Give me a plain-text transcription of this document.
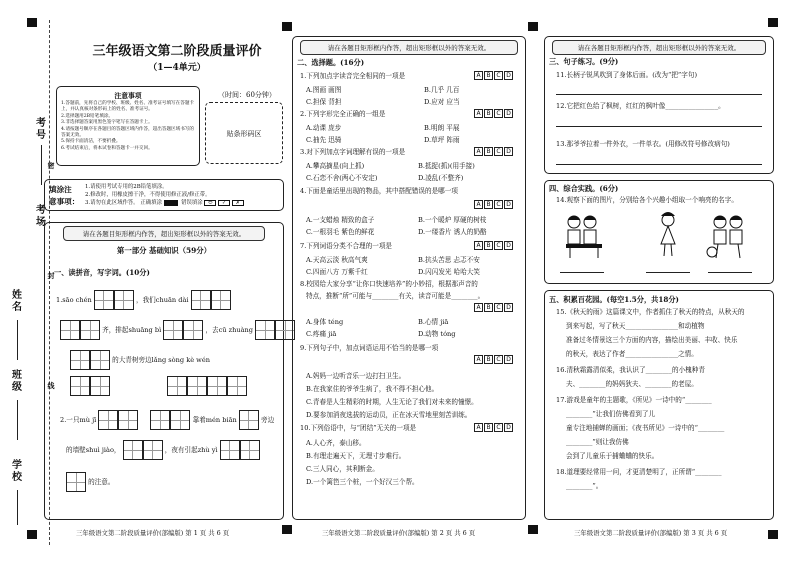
考号
考场
姓名
班级
学校
密
封
线
三年级语文第二阶段质量评价
（1—4单元）
注意事项
1.答题前，先将自己的学校、班级、姓名、准考证号填写在答题卡上，并认真核对条形码上的姓名、准考证号。
2.选择题用2B铅笔填涂。
3.非选择题答案用黑色签字笔写在答题卡上。
4.请按题号顺序在各题目的答题区域内作答，超出答题区域书写的答案无效。
5.保持卡面清洁，不要折叠。
6.考试结束后，将本试卷和答题卡一并交回。
（时间：60分钟）
贴条形码区
填涂注
意事项：
1.请使用考试专用的2B铅笔填涂。
2.修改时，用橡皮擦干净，不得使用修正液/修正带。
3.请勿在此区域作答。 正确填涂	错误填涂 ⬭ ✓ ✗
请在各题目矩形框内作答，超出矩形框以外的答案无效。
第一部分 基础知识（59分）
一、读拼音，写字词。(10分)
1.sāo chén	，我们chuān dài
齐，排起shuāng bì	，去cū zhuàng
的大青树旁边lǎng sòng kè wén

2.一只mù jī	靠着mén biān	旁边
的墙壁shuì jiào，	，夜有引起zhù yì
的注意。
三年级语文第二阶段质量评价(部编版) 第 1 页 共 6 页
请在各题目矩形框内作答，超出矩形框以外的答案无效。
二、选择题。(16分)
1.下列加点字读音完全相同的一项是	A B C D
A.图画 画图	B.几乎 几百
C.担保 背担	D.应对 应当
2.下列字形完全正确的一组是	A B C D
A.动课 庞步	B.明朗 平展
C.抽先 迅骑	D.草坪 阵雨
3.对下列加点字词理解有误的一项是	A B C D
A.攀高摘星(向上抓)	B.抵捉(抓)(用手接)
C.石恋不舍(两心不安定)	D.凌乱(不整齐)
4.下面是童话里出现的物品，其中搭配错误的是哪一项
A B C D
A.一支蜡烛 精致的盒子	B.一个暖炉 厚硬的树枝
C.一根羽毛 紫色的鲜花	D.一缕香片 诱人的奶酪
7.下列词语分类不合理的一项是	A B C D
A.天高云淡 秋高气爽	B.抗头苦思 忐忑不安
C.四面八方 万紫千红	D.闪闪发光 哈哈大笑
8.校园给大家分享“让你口快速培养”的小妙招，根据那声音的
特点，推断“所”可能与________有关，读音可能是________。
A B C D
A.身体 téng	B.心情 jiā
C.疼痛 jiā	D.动物 tóng
9.下列句子中，加点词语运用不恰当的是哪一项
A B C D
A.妈妈一边听音乐一边打扫卫生。
B.在我家住的爷爷生病了，我不得不担心他。
C.青春是人生精彩的时期，人生无论了我们对未来的憧憬。
D.要参加消夜选拔的运动员，正在冰天雪地里刻苦训练。
10.下列俗语中，与“团结”无关的一项是	A B C D
A.人心齐，泰山移。
B.有理走遍天下，无理寸步难行。
C.三人同心，其利断金。
D.一个篱笆三个桩，一个好汉三个帮。
三年级语文第二阶段质量评价(部编版) 第 2 页 共 6 页
请在各题目矩形框内作答，超出矩形框以外的答案无效。
三、句子练习。(9分)
11.长柄子锐风吹到了身体后面。(改为“把”字句)
12.它把红色给了枫树，红红的枫叶像________________。
13.那爷爷拉着一件外衣，一件单衣。(用修改符号修改病句)
四、综合实践。(6分)
14.观察下面的图片，分别给各个兴趣小组取一个响亮的名字。
五、积累百花园。(每空1.5分，共18分)
15.《秋天的雨》这篇课文中，作者抓住了秋天的特点，从秋天的
到来写起，写了秋天________________和动植物
准备过冬情景这三个方面的内容，描绘出美丽、丰收、快乐
的秋天，表达了作者________________之情。
16.清秋霜露清似柔，我认识了________的小槐种青
夫、________的妈妈狄夫、________的老屋。
17.游戏是童年的主题歌，《所见》一诗中的“________
________”让我们仿佛看到了儿
童专注地捕蝉的画面；《夜书所见》一诗中的“________
________”则让我仿佛
会到了儿童乐于捕蛐蛐的快乐。
18.道理要经常用一问，才更清楚明了，正所谓“________
________”。
三年级语文第二阶段质量评价(部编版) 第 3 页 共 6 页
